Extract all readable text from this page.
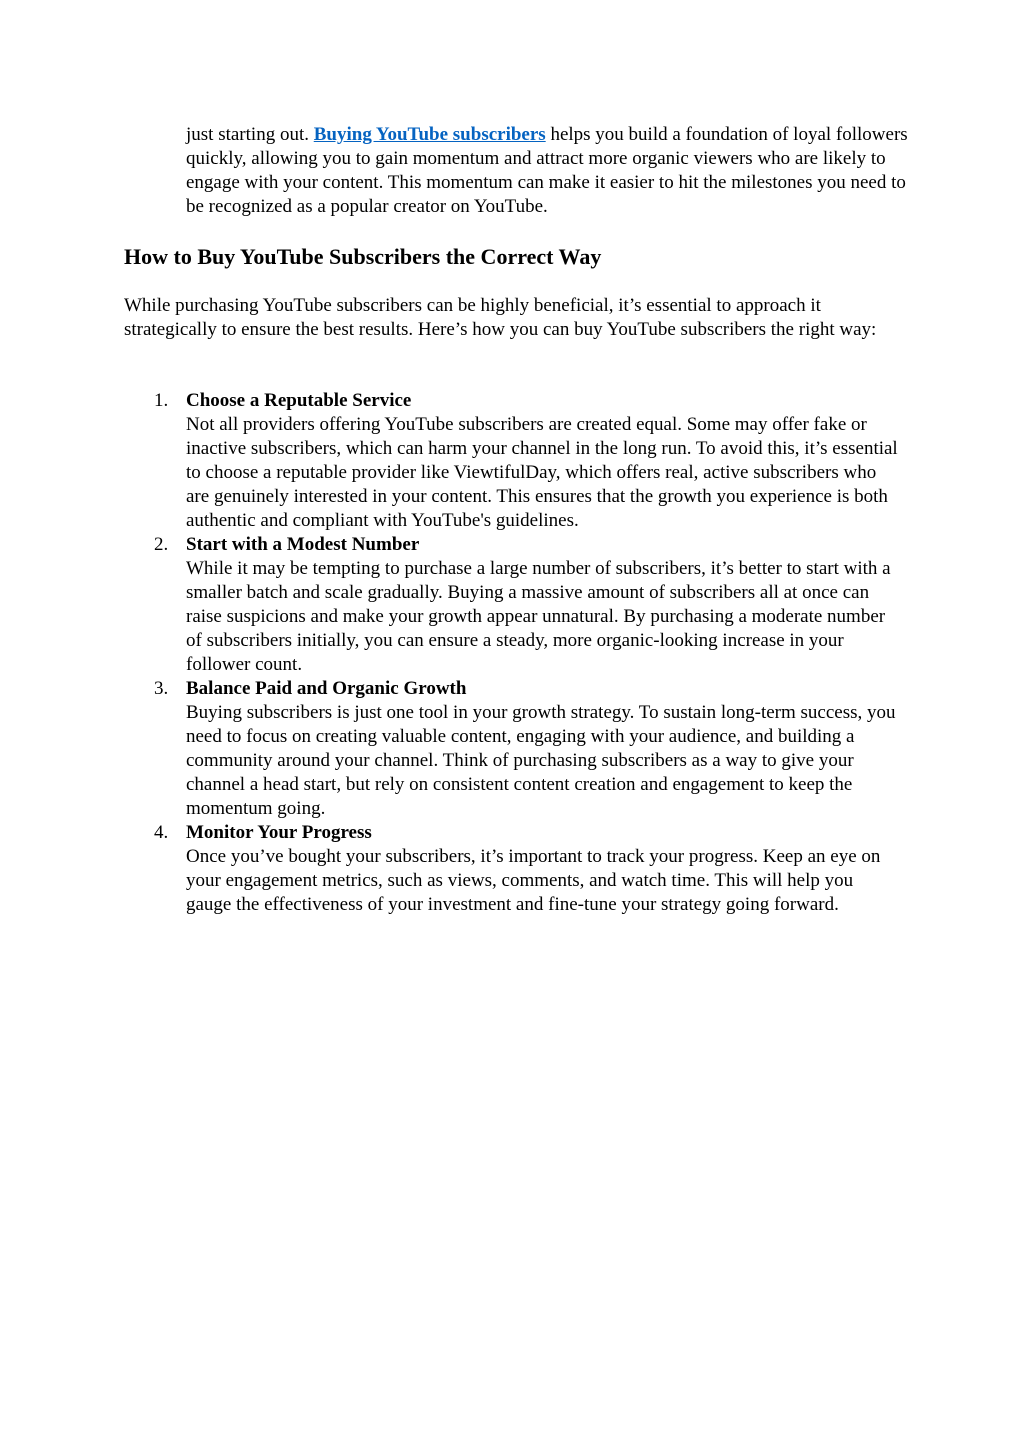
just starting out. Buying YouTube subscribers helps you build a foundation of loyal followers quickly, allowing you to gain momentum and attract more organic viewers who are likely to engage with your content. This momentum can make it easier to hit the milestones you need to be recognized as a popular creator on YouTube.

How to Buy YouTube Subscribers the Correct Way

While purchasing YouTube subscribers can be highly beneficial, it’s essential to approach it strategically to ensure the best results. Here’s how you can buy YouTube subscribers the right way:

1. Choose a Reputable Service
Not all providers offering YouTube subscribers are created equal. Some may offer fake or inactive subscribers, which can harm your channel in the long run. To avoid this, it’s essential to choose a reputable provider like ViewtifulDay, which offers real, active subscribers who are genuinely interested in your content. This ensures that the growth you experience is both authentic and compliant with YouTube's guidelines.
2. Start with a Modest Number
While it may be tempting to purchase a large number of subscribers, it’s better to start with a smaller batch and scale gradually. Buying a massive amount of subscribers all at once can raise suspicions and make your growth appear unnatural. By purchasing a moderate number of subscribers initially, you can ensure a steady, more organic-looking increase in your follower count.
3. Balance Paid and Organic Growth
Buying subscribers is just one tool in your growth strategy. To sustain long-term success, you need to focus on creating valuable content, engaging with your audience, and building a community around your channel. Think of purchasing subscribers as a way to give your channel a head start, but rely on consistent content creation and engagement to keep the momentum going.
4. Monitor Your Progress
Once you’ve bought your subscribers, it’s important to track your progress. Keep an eye on your engagement metrics, such as views, comments, and watch time. This will help you gauge the effectiveness of your investment and fine-tune your strategy going forward.
